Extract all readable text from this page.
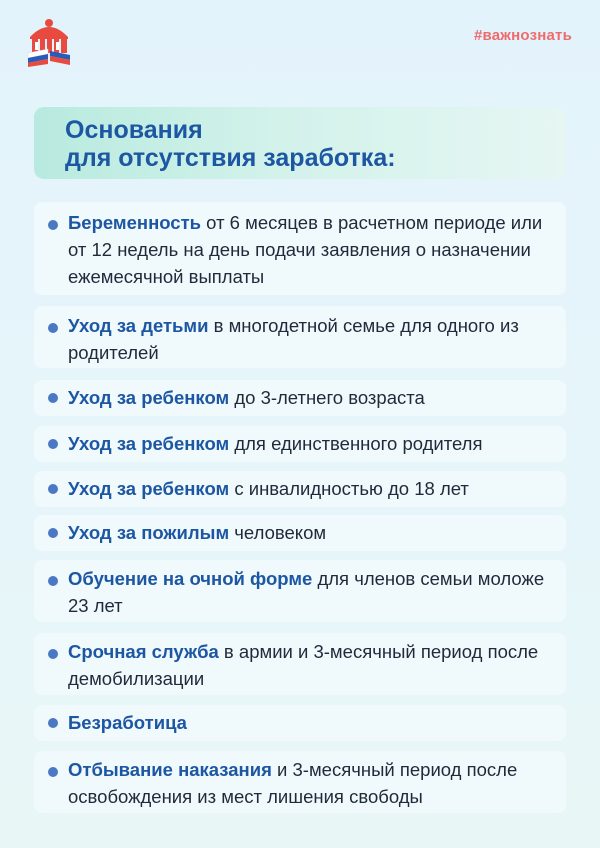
#важнознать
Основания
для отсутствия заработка:
Беременность от 6 месяцев в расчетном периоде или от 12 недель на день подачи заявления о назначении ежемесячной выплаты
Уход за детьми в многодетной семье для одного из родителей
Уход за ребенком до 3-летнего возраста
Уход за ребенком для единственного родителя
Уход за ребенком с инвалидностью до 18 лет
Уход за пожилым человеком
Обучение на очной форме для членов семьи моложе 23 лет
Срочная служба в армии и 3-месячный период после демобилизации
Безработица
Отбывание наказания и 3-месячный период после освобождения из мест лишения свободы
